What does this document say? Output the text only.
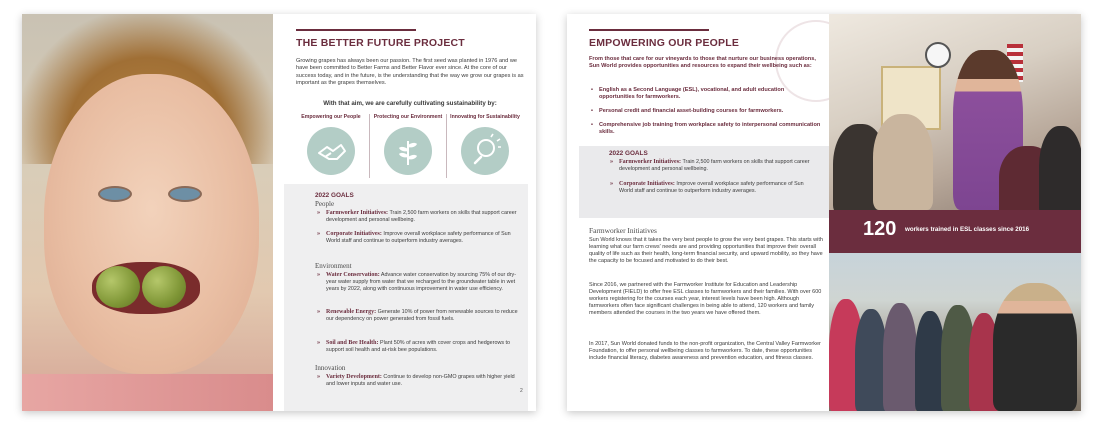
THE BETTER FUTURE PROJECT
Growing grapes has always been our passion. The first seed was planted in 1976 and we have been committed to Better Farms and Better Flavor ever since. At the core of our success today, and in the future, is the understanding that the way we grow our grapes is as important as the grapes themselves.
With that aim, we are carefully cultivating sustainability by:
Empowering our People	Protecting our Environment Innovating for Sustainability
2022 GOALS
People
» Farmworker Initiatives: Train 2,500 farm workers on skills that support career development and personal wellbeing.
» Corporate Initiatives: Improve overall workplace safety performance of Sun World staff and continue to outperform industry averages.
Environment
» Water Conservation: Advance water conservation by sourcing 75% of our dry-year water supply from water that we recharged to the groundwater table in wet years by 2022, along with continuous improvement in water use efficiency.
» Renewable Energy: Generate 10% of power from renewable sources to reduce our dependency on power generated from fossil fuels.
» Soil and Bee Health: Plant 50% of acres with cover crops and hedgerows to support soil health and at-risk bee populations.
Innovation
» Variety Development: Continue to develop non-GMO grapes with higher yield and lower inputs and water use.
2
EMPOWERING OUR PEOPLE
From those that care for our vineyards to those that nurture our business operations, Sun World provides opportunities and resources to expand their wellbeing such as:
• English as a Second Language (ESL), vocational, and adult education opportunities for farmworkers.
• Personal credit and financial asset-building courses for farmworkers.
• Comprehensive job training from workplace safety to interpersonal communication skills.
2022 GOALS
» Farmworker Initiatives: Train 2,500 farm workers on skills that support career development and personal wellbeing.
» Corporate Initiatives: Improve overall workplace safety performance of Sun World staff and continue to outperform industry averages.
Farmworker Initiatives
Sun World knows that it takes the very best people to grow the very best grapes. This starts with learning what our farm crews' needs are and providing opportunities that improve their overall quality of life such as their health, long-term financial security, and upward mobility, so they have the capacity to be focused and motivated to do their best.
Since 2016, we partnered with the Farmworker Institute for Education and Leadership Development (FIELD) to offer free ESL classes to farmworkers and their families. With over 600 workers registering for the courses each year, interest levels have been high. Although farmworkers often face significant challenges in being able to attend, 120 workers and family members attended the courses in the two years we have offered them.
In 2017, Sun World donated funds to the non-profit organization, the Central Valley Farmworker Foundation, to offer personal wellbeing classes to farmworkers. To date, these opportunities include financial literacy, diabetes awareness and prevention education, and fitness classes.
120 workers trained in ESL classes since 2016
